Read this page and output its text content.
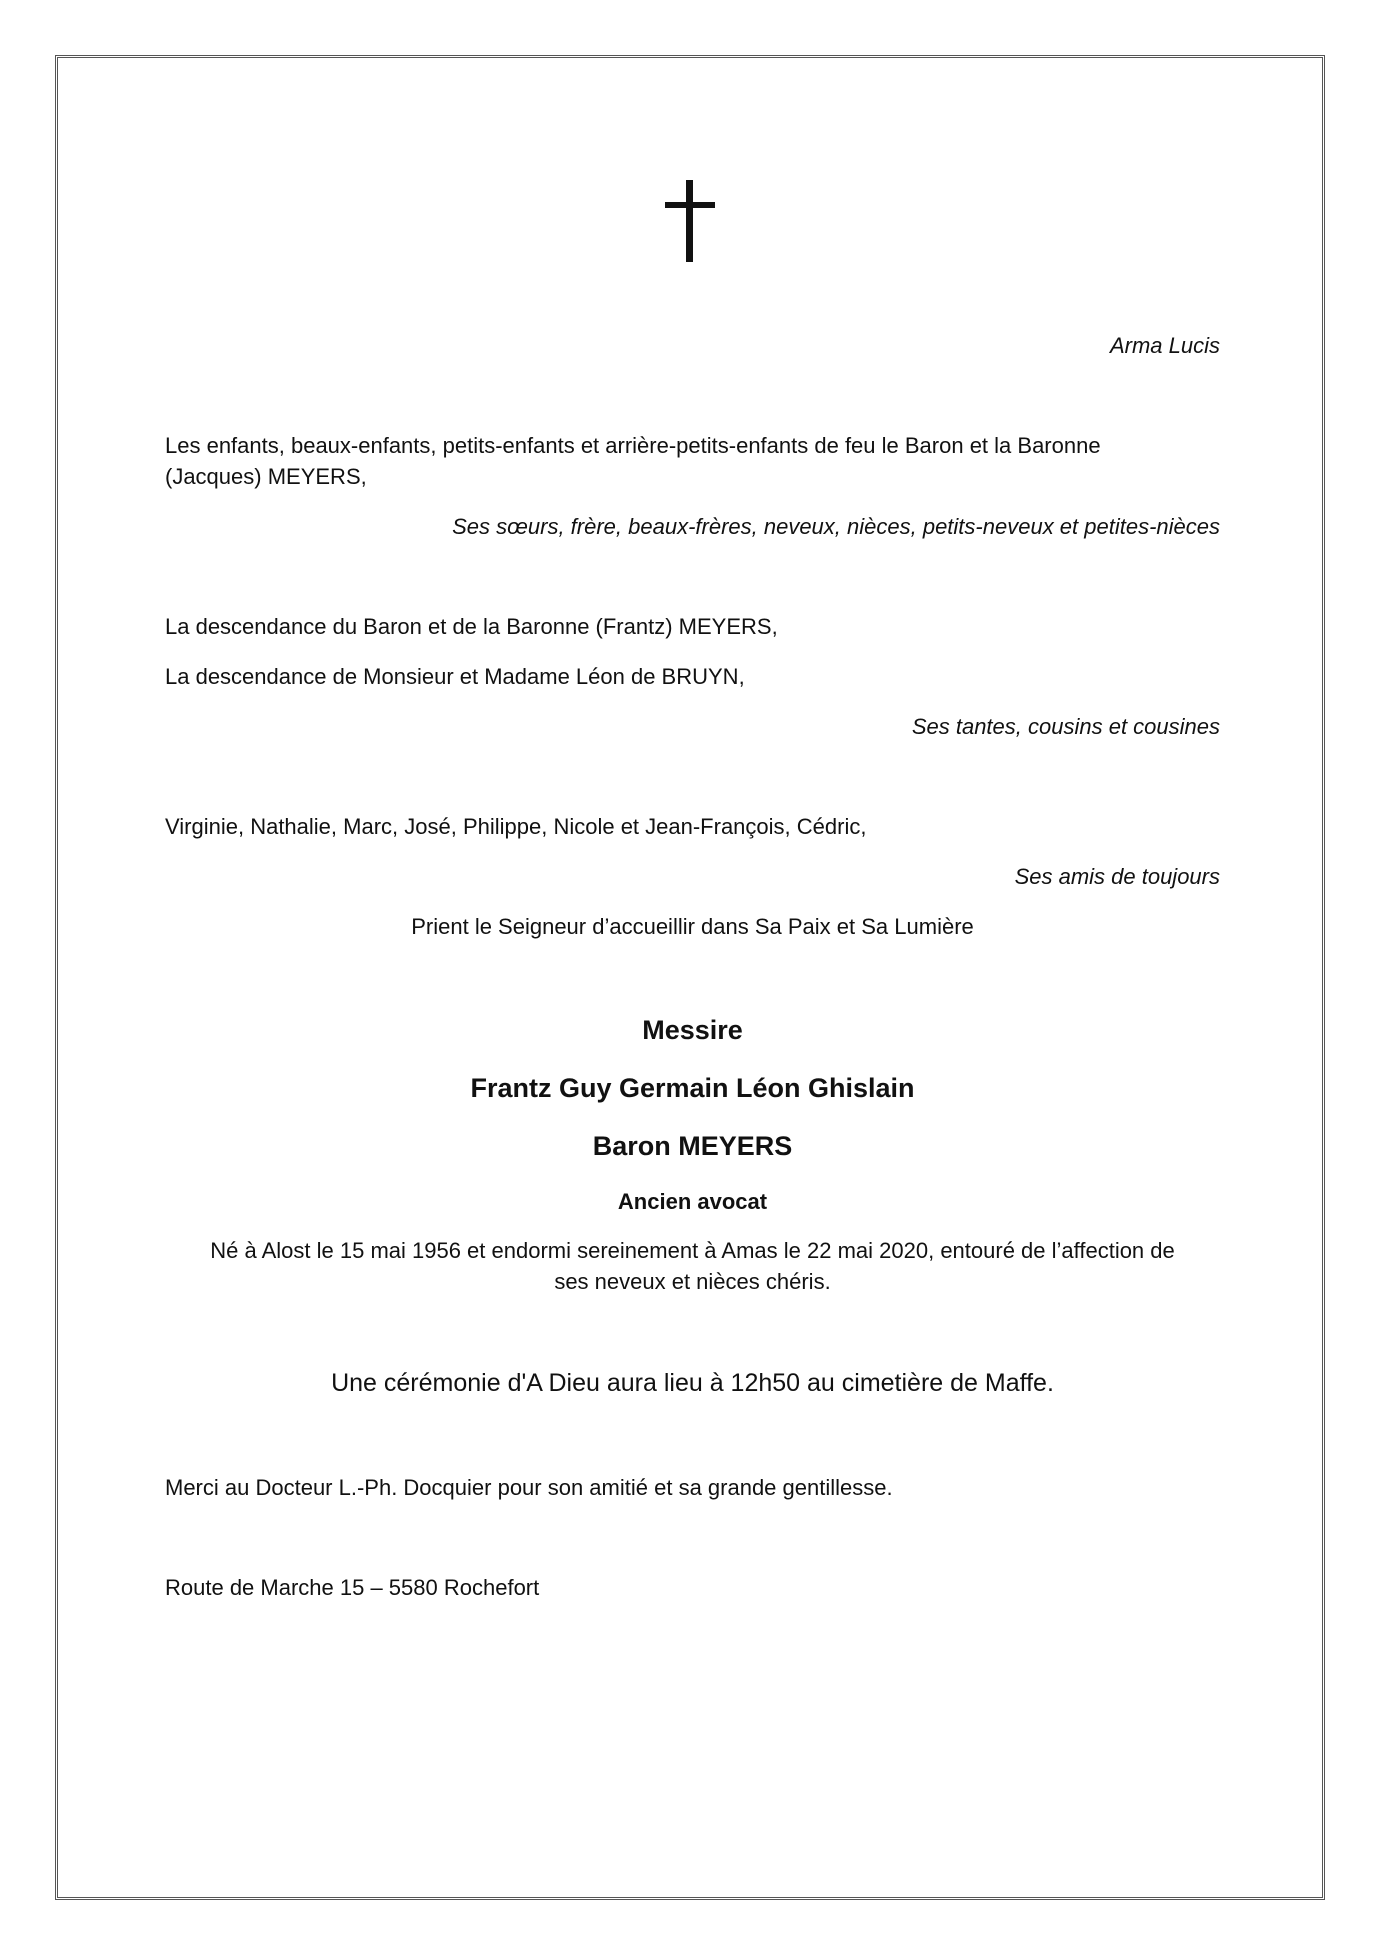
Arma Lucis
Les enfants, beaux-enfants, petits-enfants et arrière-petits-enfants de feu le Baron et la Baronne
(Jacques) MEYERS,
Ses sœurs, frère, beaux-frères, neveux, nièces, petits-neveux et petites-nièces
La descendance du Baron et de la Baronne (Frantz) MEYERS,
La descendance de Monsieur et Madame Léon de BRUYN,
Ses tantes, cousins et cousines
Virginie, Nathalie, Marc, José, Philippe, Nicole et Jean-François, Cédric,
Ses amis de toujours
Prient le Seigneur d’accueillir dans Sa Paix et Sa Lumière
Messire
Frantz Guy Germain Léon Ghislain
Baron MEYERS
Ancien avocat
Né à Alost le 15 mai 1956 et endormi sereinement à Amas le 22 mai 2020, entouré de l’affection de
ses neveux et nièces chéris.
Une cérémonie d'A Dieu aura lieu à 12h50 au cimetière de Maffe.
Merci au Docteur L.-Ph. Docquier pour son amitié et sa grande gentillesse.
Route de Marche 15 – 5580 Rochefort
